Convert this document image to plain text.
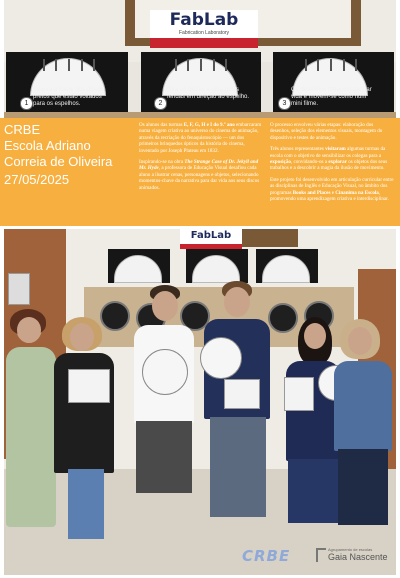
FabLab
Fabrication Laboratory
1
Segura a haste dos discos
pretos que estão voltados
para os espelhos.	2
Gira os discos e olha pelas
fendas em direção ao espelho.
3
Os desenhos parecem ganhar
vida e movem-se como num
mini filme.
CRBE
Escola Adriano
Correia de Oliveira
27/05/2025

Os alunos das turmas E, F, G, H e I do 9.º ano embarcaram numa viagem criativa ao universo do cinema de animação, através da recriação do fenaquistoscópio — um dos primeiros brinquedos ópticos da história do cinema, inventado por Joseph Plateau em 1832.

Inspirando-se na obra The Strange Case of Dr. Jekyll and Mr. Hyde, a professora de Educação Visual desafiou cada aluno a ilustrar cenas, personagens e objetos, selecionando momentos-chave da narrativa para dar vida aos seus discos animados.

O processo envolveu várias etapas: elaboração dos desenhos, seleção dos elementos visuais, montagem do dispositivo e testes de animação.

Três alunos representantes visitaram algumas turmas da escola com o objetivo de sensibilizar os colegas para a exposição, convidando-os a explorar os objetos dos seus trabalhos e a descobrir a magia da ilusão de movimento.

Este projeto foi desenvolvido em articulação curricular entre as disciplinas de Inglês e Educação Visual, no âmbito dos programas Books and Places e Cinanima na Escola, promovendo uma aprendizagem criativa e interdisciplinar.

FabLab
CRBE	Agrupamento de escolas
Gaia Nascente
